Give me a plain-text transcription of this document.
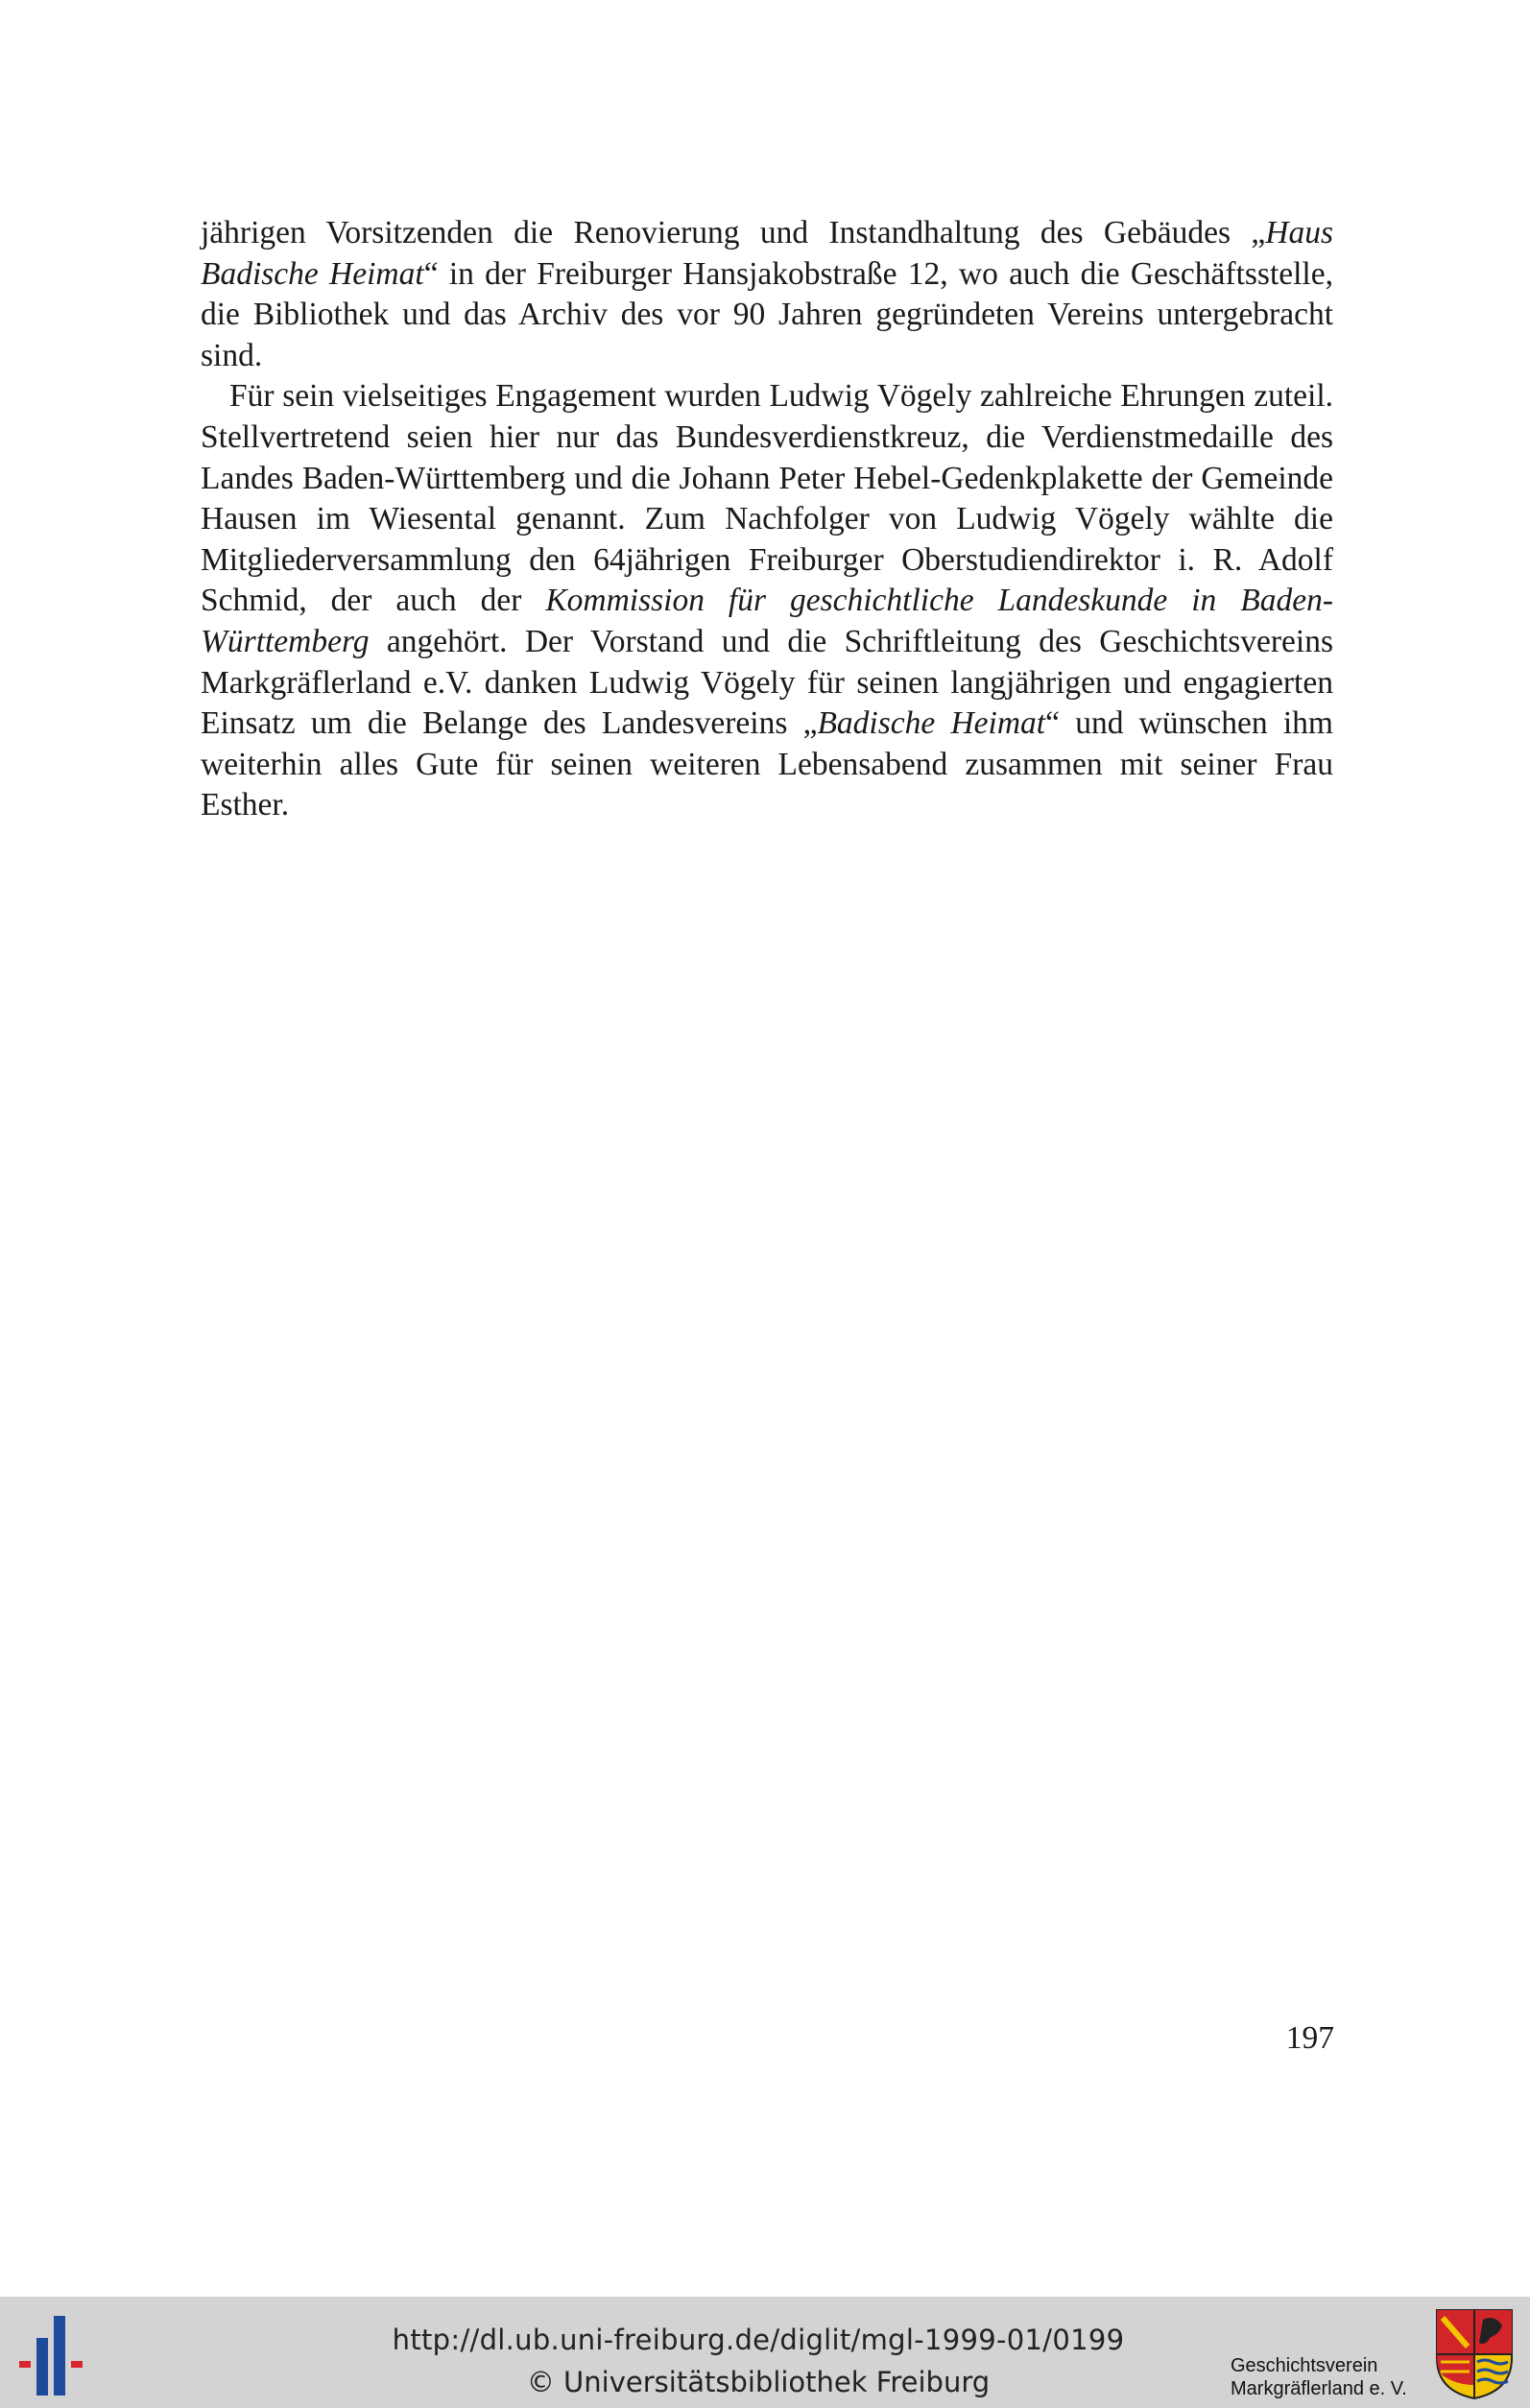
jährigen Vorsitzenden die Renovierung und Instandhaltung des Gebäudes „Haus Badische Heimat“ in der Freiburger Hansjakobstraße 12, wo auch die Geschäftsstelle, die Bibliothek und das Archiv des vor 90 Jahren gegründeten Vereins untergebracht sind.

Für sein vielseitiges Engagement wurden Ludwig Vögely zahlreiche Ehrungen zuteil. Stellvertretend seien hier nur das Bundesverdienstkreuz, die Verdienstmedaille des Landes Baden-Württemberg und die Johann Peter Hebel-Gedenkplakette der Gemeinde Hausen im Wiesental genannt. Zum Nachfolger von Ludwig Vögely wählte die Mitgliederversammlung den 64jährigen Freiburger Oberstudiendirektor i. R. Adolf Schmid, der auch der Kommission für geschichtliche Landeskunde in Baden-Württemberg angehört. Der Vorstand und die Schriftleitung des Geschichtsvereins Markgräflerland e.V. danken Ludwig Vögely für seinen langjährigen und engagierten Einsatz um die Belange des Landesvereins „Badische Heimat“ und wünschen ihm weiterhin alles Gute für seinen weiteren Lebensabend zusammen mit seiner Frau Esther.

197
http://dl.ub.uni-freiburg.de/diglit/mgl-1999-01/0199
© Universitätsbibliothek Freiburg	Geschichtsverein
Markgräflerland e. V.
